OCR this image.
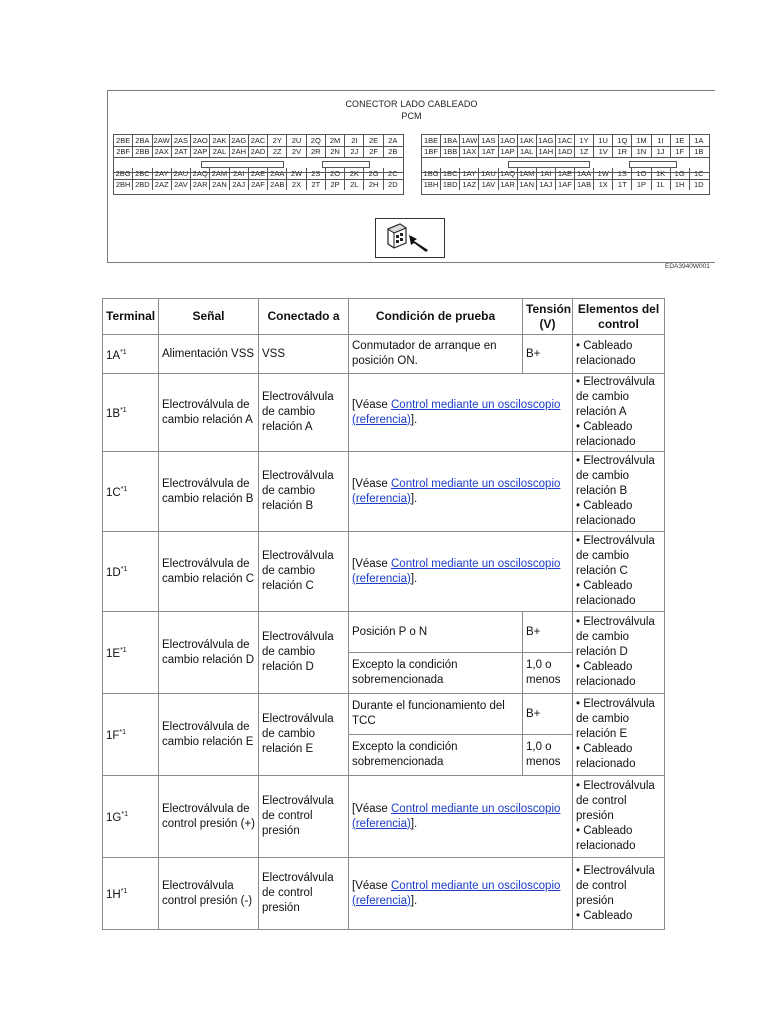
CONECTOR LADO CABLEADO
PCM
2BE 2BA 2AW 2AS 2AO 2AK 2AG 2AC 2Y	2U	2Q	2M	2I	2E	2A
2BF 2BB 2AX 2AT 2AP 2AL 2AH 2AD	2Z	2V	2R	2N	2J	2F	2B
2BG 2BC 2AY 2AU 2AQ 2AM 2AI 2AE 2AA 2W	2S	2O	2K	2G	2C
2BH 2BD 2AZ 2AV 2AR 2AN 2AJ 2AF 2AB	2X	2T	2P	2L	2H	2D
1BE 1BA 1AW 1AS 1AO 1AK 1AG 1AC 1Y	1U	1Q	1M	1I	1E	1A
1BF 1BB 1AX 1AT 1AP 1AL 1AH 1AD 1Z	1V	1R	1N	1J	1F	1B
1BG 1BC 1AY 1AU 1AQ 1AM 1AI 1AE 1AA 1W	1S	1O	1K	1G	1C
1BH 1BD 1AZ 1AV 1AR 1AN 1AJ 1AF 1AB 1X	1T	1P	1L	1H	1D
EDA3940W001
Terminal	Señal	Conectado a	Condición de prueba	Tensión (V)	Elementos del control
$1A^{*1}$	Alimentación VSS	VSS	Conmutador de arranque en posición ON.	B+	• Cableado relacionado
$1B^{*1}$	Electroválvula de cambio relación A	Electroválvula de cambio relación A	[Véase Control mediante un osciloscopio (referencia)].		• Electroválvula de cambio relación A
• Cableado relacionado
$1C^{*1}$	Electroválvula de cambio relación B	Electroválvula de cambio relación B	[Véase Control mediante un osciloscopio (referencia)].		• Electroválvula de cambio relación B
• Cableado relacionado
$1D^{*1}$	Electroválvula de cambio relación C	Electroválvula de cambio relación C	[Véase Control mediante un osciloscopio (referencia)].		• Electroválvula de cambio relación C
• Cableado relacionado
$1E^{*1}$	Electroválvula de cambio relación D	Electroválvula de cambio relación D	Posición P o N	B+	• Electroválvula de cambio relación D
• Cableado relacionado
			Excepto la condición sobremencionada	1,0 o menos	
$1F^{*1}$	Electroválvula de cambio relación E	Electroválvula de cambio relación E	Durante el funcionamiento del TCC	B+	• Electroválvula de cambio relación E
• Cableado relacionado
			Excepto la condición sobremencionada	1,0 o menos	
$1G^{*1}$	Electroválvula de control presión (+)	Electroválvula de control presión	[Véase Control mediante un osciloscopio (referencia)].		• Electroválvula de control presión
• Cableado relacionado
$1H^{*1}$	Electroválvula control presión (-)	Electroválvula de control presión	[Véase Control mediante un osciloscopio (referencia)].		• Electroválvula de control presión
• Cableado
